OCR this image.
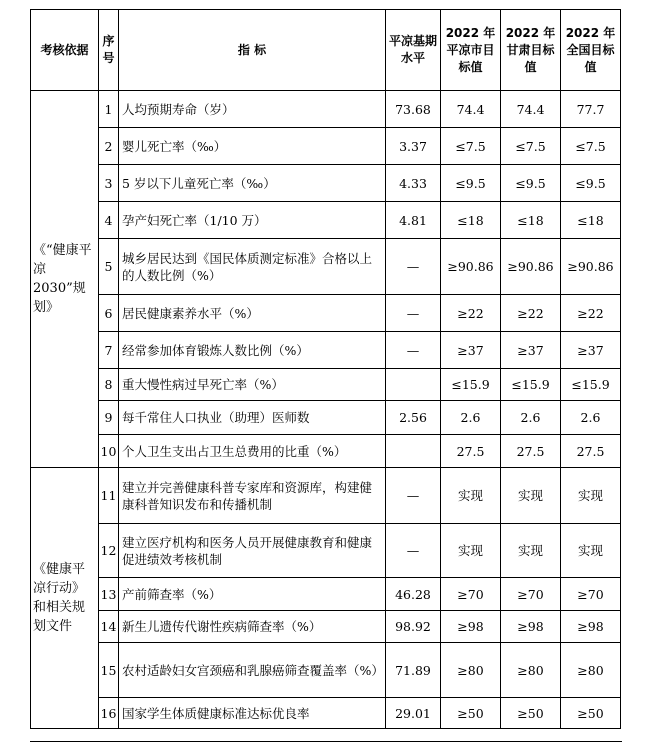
考核依据	序号	指 标	平凉基期水平	2022 年平凉市目标值	2022 年甘肃目标值	2022 年全国目标值
《“健康平凉 2030”规划》	1	人均预期寿命（岁）	73.68	74.4	74.4	77.7
	2	婴儿死亡率（‰）	3.37	≤7.5	≤7.5	≤7.5
	3	5 岁以下儿童死亡率（‰）	4.33	≤9.5	≤9.5	≤9.5
	4	孕产妇死亡率（1/10 万）	4.81	≤18	≤18	≤18
	5	城乡居民达到《国民体质测定标准》合格以上的人数比例（%）	—	≥90.86	≥90.86	≥90.86
	6	居民健康素养水平（%）	—	≥22	≥22	≥22
	7	经常参加体育锻炼人数比例（%）	—	≥37	≥37	≥37
	8	重大慢性病过早死亡率（%）		≤15.9	≤15.9	≤15.9
	9	每千常住人口执业（助理）医师数	2.56	2.6	2.6	2.6
	10	个人卫生支出占卫生总费用的比重（%）		27.5	27.5	27.5
《健康平凉行动》和相关规划文件	11	建立并完善健康科普专家库和资源库，构建健康科普知识发布和传播机制	—	实现	实现	实现
	12	建立医疗机构和医务人员开展健康教育和健康促进绩效考核机制	—	实现	实现	实现
	13	产前筛查率（%）	46.28	≥70	≥70	≥70
	14	新生儿遗传代谢性疾病筛查率（%）	98.92	≥98	≥98	≥98
	15	农村适龄妇女宫颈癌和乳腺癌筛查覆盖率（%）	71.89	≥80	≥80	≥80
	16	国家学生体质健康标准达标优良率	29.01	≥50	≥50	≥50
